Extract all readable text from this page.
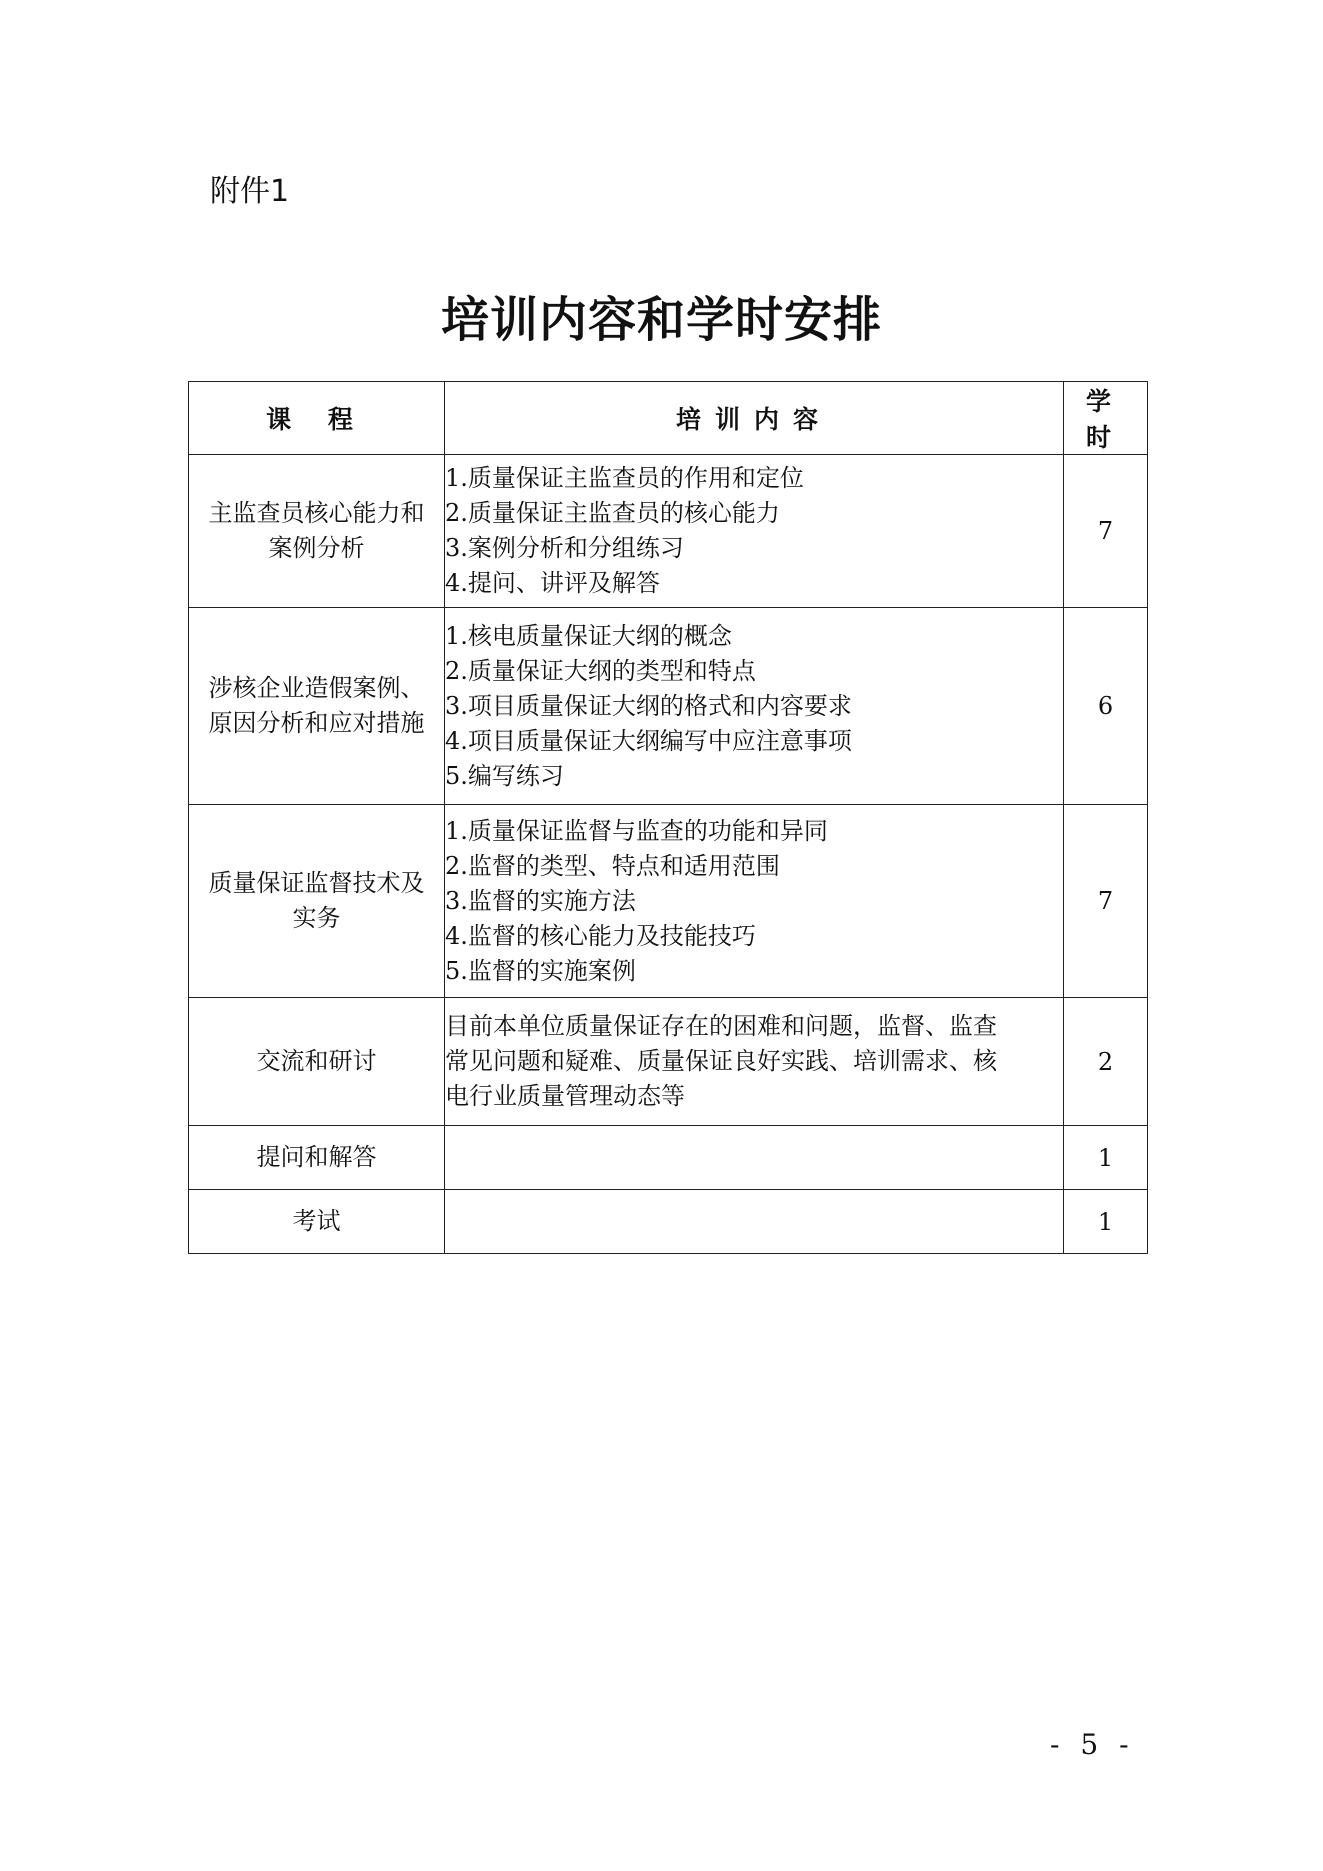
附件1
培训内容和学时安排
课 程	培训内容	学 时

主监查员核心能力和
案例分析	1.质量保证主监查员的作用和定位
2.质量保证主监查员的核心能力
3.案例分析和分组练习
4.提问、讲评及解答	7

涉核企业造假案例、
原因分析和应对措施	1.核电质量保证大纲的概念
2.质量保证大纲的类型和特点
3.项目质量保证大纲的格式和内容要求
4.项目质量保证大纲编写中应注意事项
5.编写练习	6

质量保证监督技术及
实务	1.质量保证监督与监查的功能和异同
2.监督的类型、特点和适用范围
3.监督的实施方法
4.监督的核心能力及技能技巧
5.监督的实施案例	7

交流和研讨	目前本单位质量保证存在的困难和问题，监督、监查
常见问题和疑难、质量保证良好实践、培训需求、核
电行业质量管理动态等	2

提问和解答		1

考试		1
- 5 -
